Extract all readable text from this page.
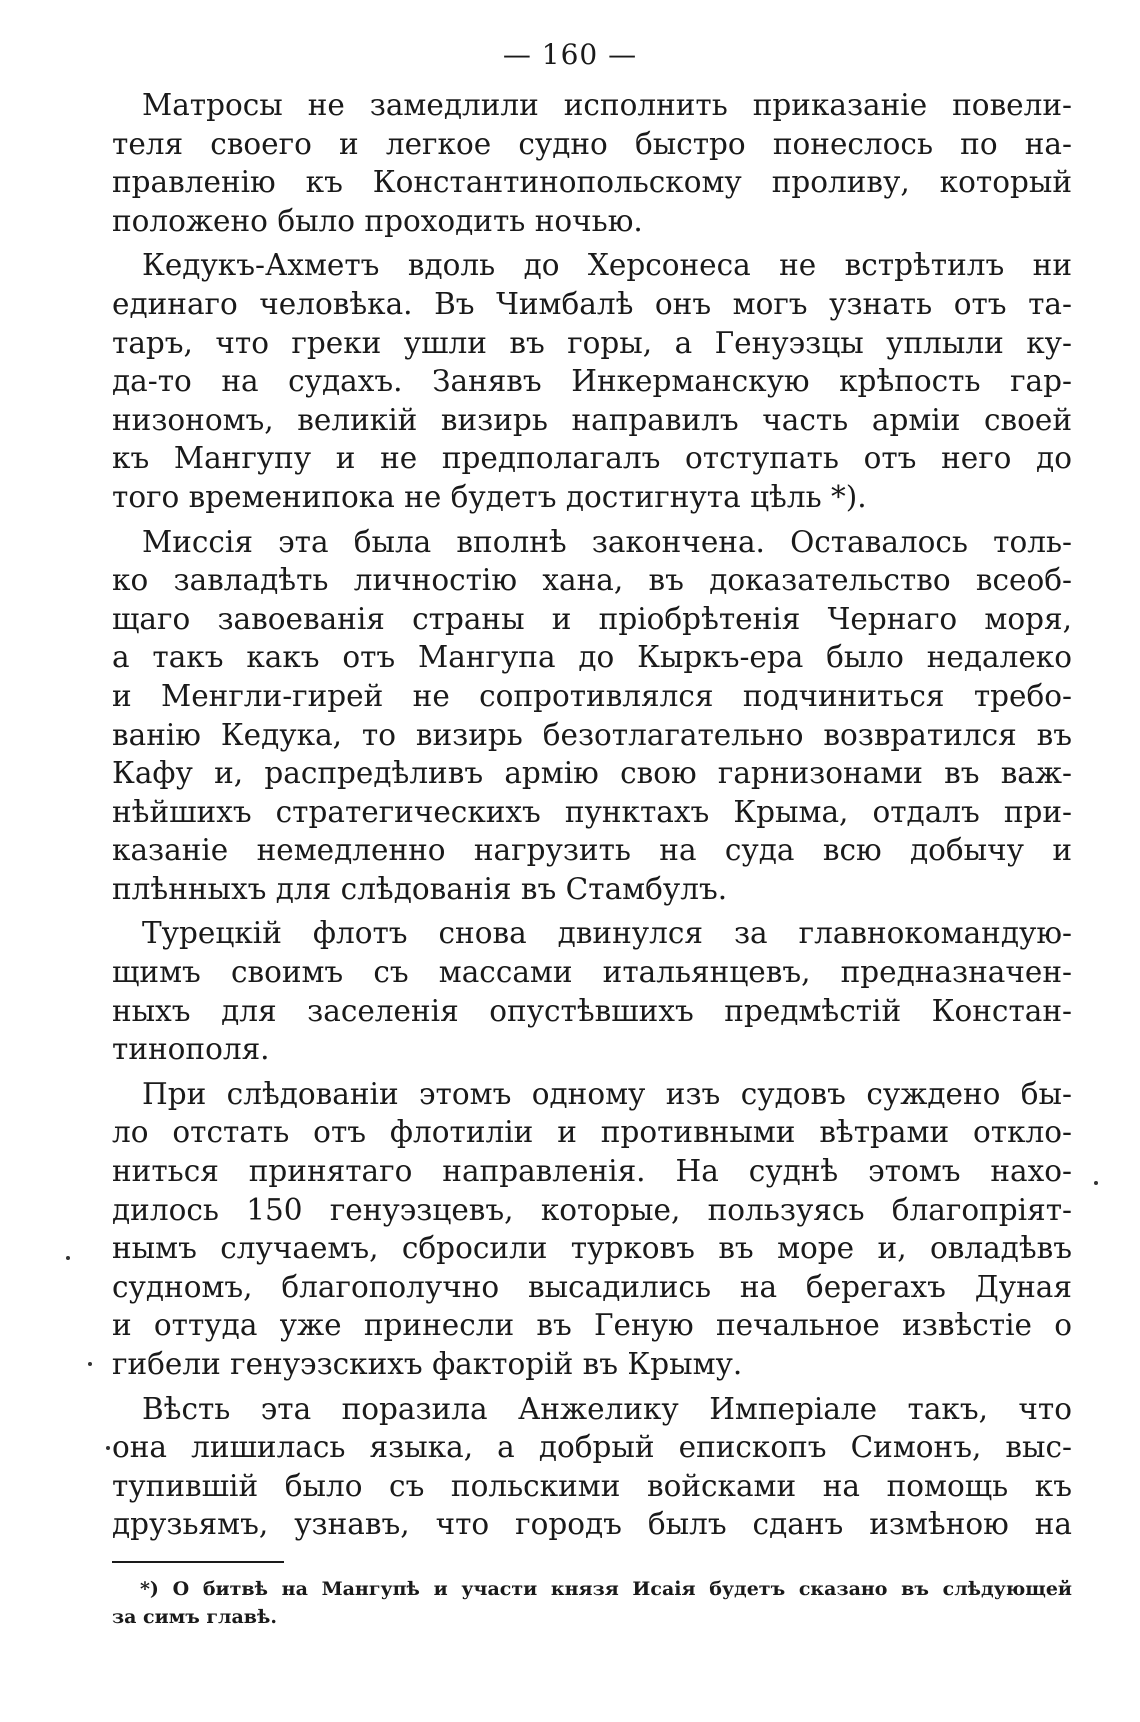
— 160 —

Матросы не замедлили исполнить приказаніе повели-
теля своего и легкое судно быстро понеслось по на-
правленію къ Константинопольскому проливу, который
положено было проходить ночью.

Кедукъ-Ахметъ вдоль до Херсонеса не встрѣтилъ ни
единаго человѣка. Въ Чимбалѣ онъ могъ узнать отъ та-
таръ, что греки ушли въ горы, а Генуэзцы уплыли ку-
да-то на судахъ. Занявъ Инкерманскую крѣпость гар-
низономъ, великій визирь направилъ часть арміи своей
къ Мангупу и не предполагалъ отступать отъ него до
того временипока не будетъ достигнута цѣль *).

Миссія эта была вполнѣ закончена. Оставалось толь-
ко завладѣть личностію хана, въ доказательство всеоб-
щаго завоеванія страны и пріобрѣтенія Чернаго моря,
а такъ какъ отъ Мангупа до Кыркъ-ера было недалеко
и Менгли-гирей не сопротивлялся подчиниться требо-
ванію Кедука, то визирь безотлагательно возвратился въ
Кафу и, распредѣливъ армію свою гарнизонами въ важ-
нѣйшихъ стратегическихъ пунктахъ Крыма, отдалъ при-
казаніе немедленно нагрузить на суда всю добычу и
плѣнныхъ для слѣдованія въ Стамбулъ.

Турецкій флотъ снова двинулся за главнокомандую-
щимъ своимъ съ массами итальянцевъ, предназначен-
ныхъ для заселенія опустѣвшихъ предмѣстій Констан-
тинополя.

При слѣдованіи этомъ одному изъ судовъ суждено бы-
ло отстать отъ флотиліи и противными вѣтрами откло-
ниться принятаго направленія. На суднѣ этомъ нахо-
дилось 150 генуэзцевъ, которые, пользуясь благопріят-
нымъ случаемъ, сбросили турковъ въ море и, овладѣвъ
судномъ, благополучно высадились на берегахъ Дуная
и оттуда уже принесли въ Геную печальное извѣстіе о
гибели генуэзскихъ факторій въ Крыму.

Вѣсть эта поразила Анжелику Имперіале такъ, что
она лишилась языка, а добрый епископъ Симонъ, выс-
тупившій было съ польскими войсками на помощь къ
друзьямъ, узнавъ, что городъ былъ сданъ измѣною на

*) О битвѣ на Мангупѣ и участи князя Исаія будетъ сказано въ слѣдующей
за симъ главѣ.
